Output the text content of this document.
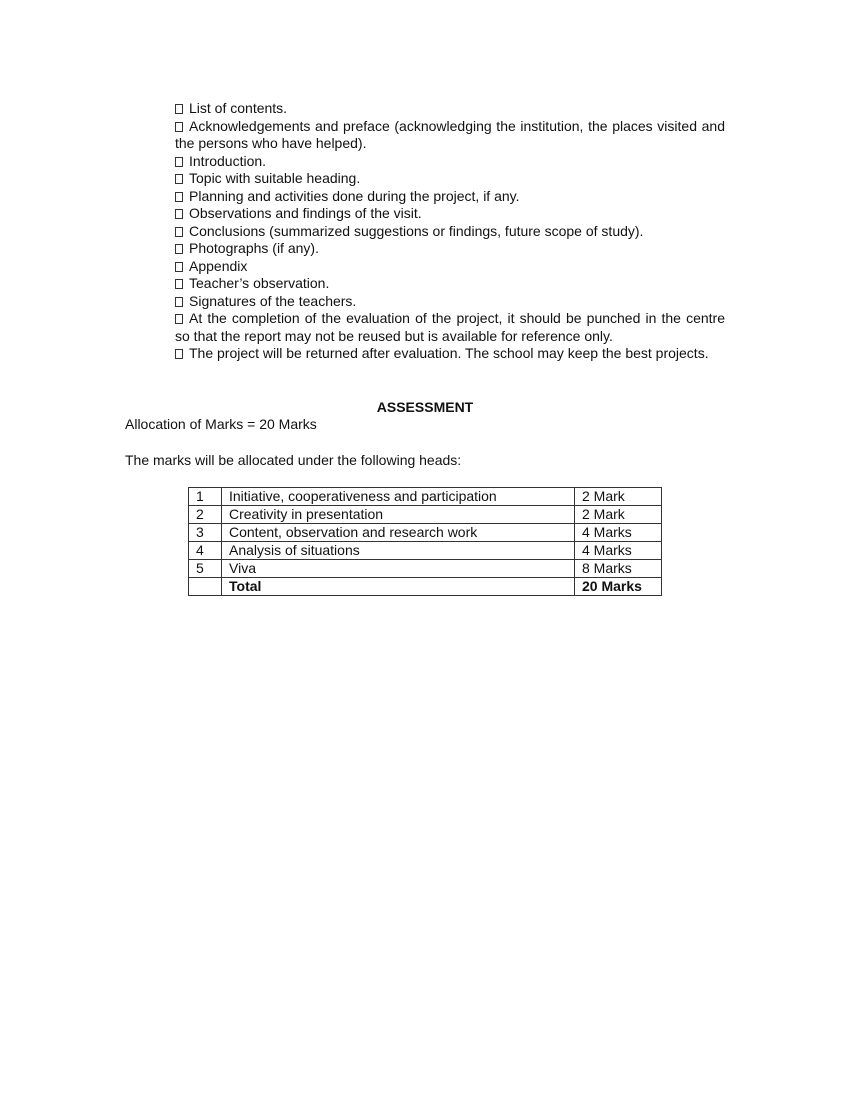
List of contents.
Acknowledgements and preface (acknowledging the institution, the places visited and the persons who have helped).
Introduction.
Topic with suitable heading.
Planning and activities done during the project, if any.
Observations and findings of the visit.
Conclusions (summarized suggestions or findings, future scope of study).
Photographs (if any).
Appendix
Teacher’s observation.
Signatures of the teachers.
At the completion of the evaluation of the project, it should be punched in the centre so that the report may not be reused but is available for reference only.
The project will be returned after evaluation. The school may keep the best projects.
ASSESSMENT

Allocation of Marks = 20 Marks

The marks will be allocated under the following heads:

1	Initiative, cooperativeness and participation	2 Mark
2	Creativity in presentation	2 Mark
3	Content, observation and research work	4 Marks
4	Analysis of situations	4 Marks
5	Viva	8 Marks
	Total	20 Marks
